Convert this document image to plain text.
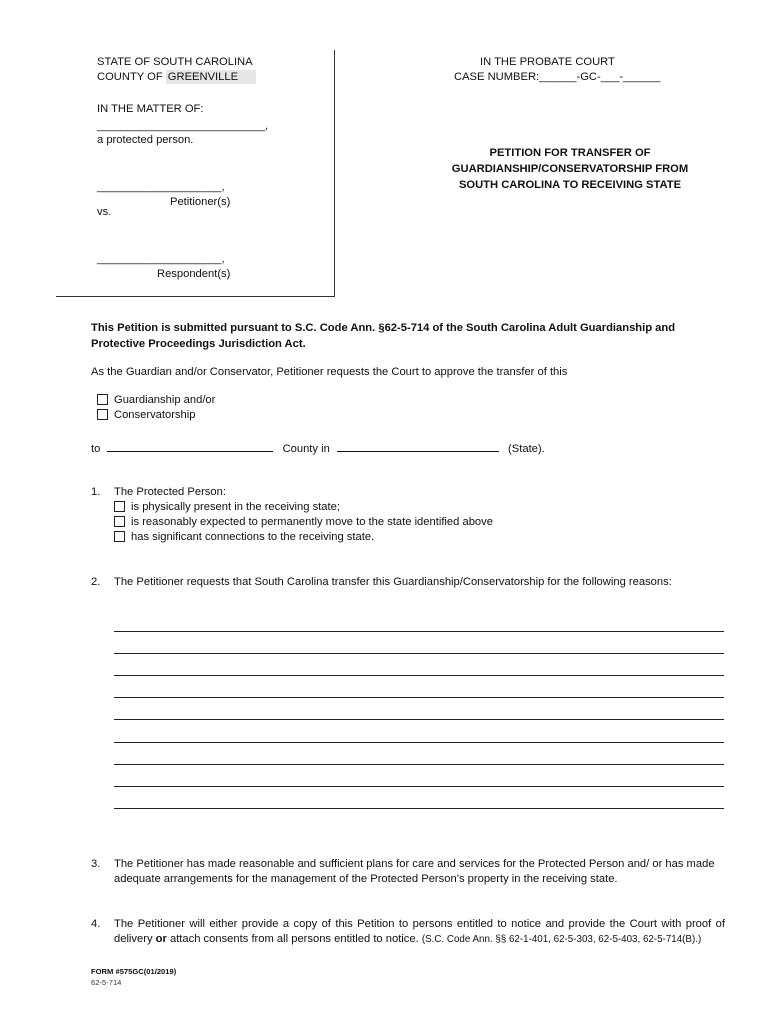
STATE OF SOUTH CAROLINA
COUNTY OF GREENVILLE
IN THE MATTER OF:
___________________________,
a protected person.
____________________,
Petitioner(s)
vs.
____________________,
Respondent(s)
IN THE PROBATE COURT
CASE NUMBER:______-GC-___-______
PETITION FOR TRANSFER OF
GUARDIANSHIP/CONSERVATORSHIP FROM
SOUTH CAROLINA TO RECEIVING STATE
This Petition is submitted pursuant to S.C. Code Ann. §62-5-714 of the South Carolina Adult Guardianship and Protective Proceedings Jurisdiction Act.
As the Guardian and/or Conservator, Petitioner requests the Court to approve the transfer of this
Guardianship and/or
Conservatorship
to	County in	(State).
1. The Protected Person:
is physically present in the receiving state;
is reasonably expected to permanently move to the state identified above
has significant connections to the receiving state.
2. The Petitioner requests that South Carolina transfer this Guardianship/Conservatorship for the following reasons:
3. The Petitioner has made reasonable and sufficient plans for care and services for the Protected Person and/ or has made adequate arrangements for the management of the Protected Person’s property in the receiving state.
4. The Petitioner will either provide a copy of this Petition to persons entitled to notice and provide the Court with proof of delivery or attach consents from all persons entitled to notice. (S.C. Code Ann. §§ 62-1-401, 62-5-303, 62-5-403, 62-5-714(B).)
FORM #575GC(01/2019)
62-5-714
